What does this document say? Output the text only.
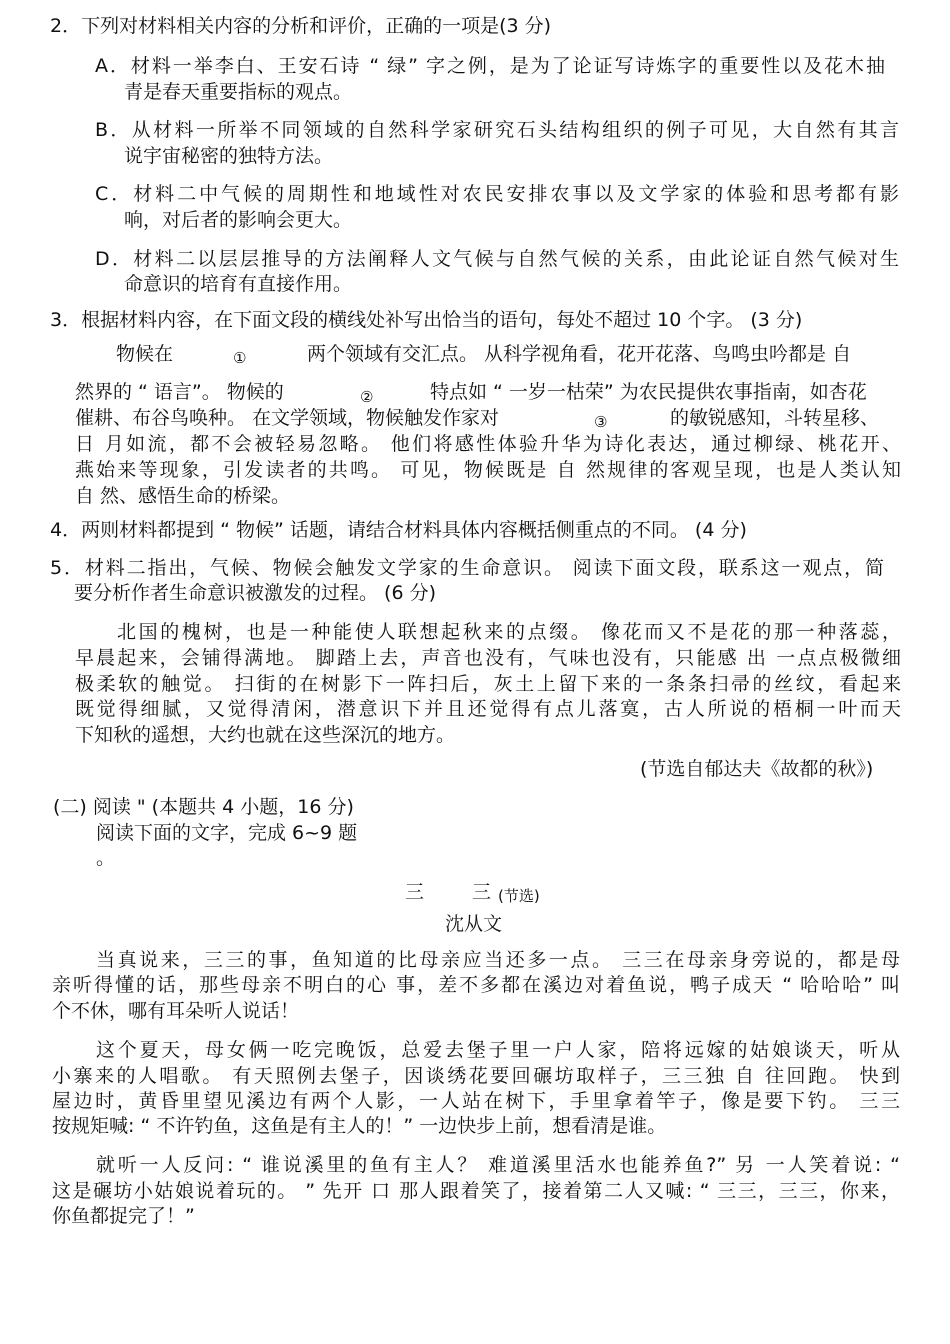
2．下列对材料相关内容的分析和评价，正确的一项是(3 分)
A．材料一举李白、王安石诗 “ 绿” 字之例，是为了论证写诗炼字的重要性以及花木抽
青是春天重要指标的观点。
B．从材料一所举不同领域的自然科学家研究石头结构组织的例子可见，大自然有其言
说宇宙秘密的独特方法。
C．材料二中气候的周期性和地域性对农民安排农事以及文学家的体验和思考都有影
响，对后者的影响会更大。
D．材料二以层层推导的方法阐释人文气候与自然气候的关系，由此论证自然气候对生
命意识的培育有直接作用。
3．根据材料内容，在下面文段的横线处补写出恰当的语句，每处不超过 10 个字。 (3 分)
物候在	①	两个领域有交汇点。 从科学视角看，花开花落、鸟鸣虫吟都是 自
然界的 “ 语言”。 物候的	②	特点如 “ 一岁一枯荣” 为农民提供农事指南，如杏花
催耕、布谷鸟唤种。 在文学领域，物候触发作家对	③	的敏锐感知，斗转星移、
日 月如流，都不会被轻易忽略。 他们将感性体验升华为诗化表达，通过柳绿、桃花开、
燕始来等现象，引发读者的共鸣。 可见，物候既是 自 然规律的客观呈现，也是人类认知
自 然、感悟生命的桥梁。
4．两则材料都提到 “ 物候” 话题，请结合材料具体内容概括侧重点的不同。 (4 分)
5．材料二指出，气候、物候会触发文学家的生命意识。 阅读下面文段，联系这一观点，简
要分析作者生命意识被激发的过程。 (6 分)
北国的槐树，也是一种能使人联想起秋来的点缀。 像花而又不是花的那一种落蕊，
早晨起来，会铺得满地。 脚踏上去，声音也没有，气味也没有，只能感 出 一点点极微细
极柔软的触觉。 扫街的在树影下一阵扫后，灰土上留下来的一条条扫帚的丝纹，看起来
既觉得细腻，又觉得清闲，潜意识下并且还觉得有点儿落寞，古人所说的梧桐一叶而天
下知秋的遥想，大约也就在这些深沉的地方。
(节选自郁达夫《故都的秋》)
(二) 阅读 " (本题共 4 小题，16 分)
阅读下面的文字，完成 6~9 题
。
三	三 (节选)
沈从文
当真说来，三三的事，鱼知道的比母亲应当还多一点。 三三在母亲身旁说的，都是母
亲听得懂的话，那些母亲不明白的心 事，差不多都在溪边对着鱼说，鸭子成天 “ 哈哈哈” 叫
个不休，哪有耳朵听人说话！
这个夏天，母女俩一吃完晚饭，总爱去堡子里一户人家，陪将远嫁的姑娘谈天，听从
小寨来的人唱歌。 有天照例去堡子，因谈绣花要回碾坊取样子，三三独 自 往回跑。 快到
屋边时，黄昏里望见溪边有两个人影，一人站在树下，手里拿着竿子，像是要下钓。 三三
按规矩喊: “ 不许钓鱼，这鱼是有主人的！” 一边快步上前，想看清是谁。
就听一人反问: “ 谁说溪里的鱼有主人？ 难道溪里活水也能养鱼?” 另 一人笑着说: “
这是碾坊小姑娘说着玩的。 ” 先开 口 那人跟着笑了，接着第二人又喊: “ 三三，三三，你来，
你鱼都捉完了！”
